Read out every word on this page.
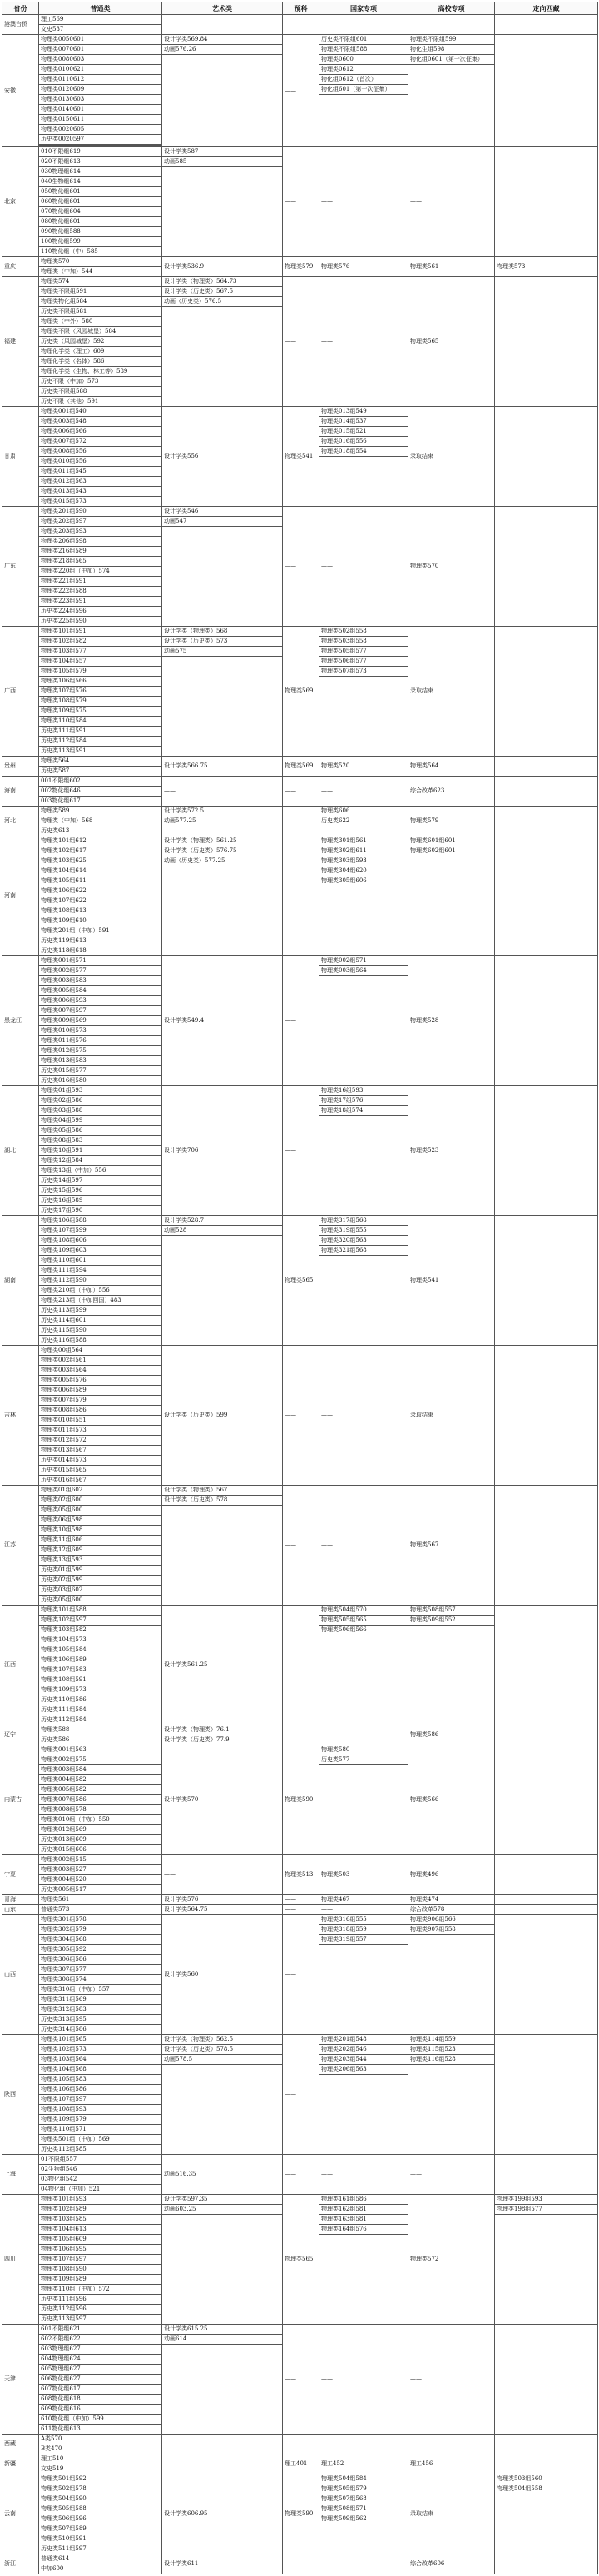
省份	普通类	艺术类	预科	国家专项	高校专项	定向西藏
港澳台侨	理工569					
	文史537					
安徽	物理类0050601	设计学类569.84	——	历史类不限组601	物理类不限组599	
	物理类0070601	动画576.26		物理类不限组588	物化生组598	
	物理类0080603			物理类0600	物化组0601（第一次征集）	
	物理类0100621			物理类0612		
	物理类0110612			物化组0612（首次）		
	物理类0120609			物化组601（第一次征集）		
	物理类0130603					
	物理类0140601					
	物理类0150611					
	物理类0020605					
	历史类0020597					

北京	010不限组619	设计学类587	——	——	——	
	020不限组613	动画585				
	030物理组614					
	040生物组614					
	050物化组601					
	060物化组601					
	070物化组604					
	080物化组601					
	090物化组588					
	100物化组599					
	110物化组（中）585					
重庆	物理类570	设计学类536.9	物理类579	物理类576	物理类561	物理类573
	物理类（中加）544					
福建	物理类574	设计学类（物理类）564.73	——	——	物理类565	
	物理类不限组591	设计学类（历史类）567.5				
	物理类物化组584	动画（历史类）576.5				
	历史类不限组581					
	物理类（中外）580					
	物理类不限（风园城堡）584					
	历史类（风园城堡）592					
	物理化学类（理工）609					
	物理化学类（名体）586					
	物理化学类（生物、林工等）589					
	历史不限（中加）573					
	历史类不限组588					
	历史不限（其他）591					
甘肃	物理类001组540	设计学类556	物理类541	物理类013组549	录取结束	
	物理类003组548			物理类014组537		
	物理类006组566			物理类015组521		
	物理类007组572			物理类016组556		
	物理类008组556			物理类018组554		
	物理类010组556					
	物理类011组545					
	物理类012组563					
	物理类013组543					
	物理类015组573					
广东	物理类201组590	设计学类546	——	——	物理类570	
	物理类202组597	动画547				
	物理类203组593					
	物理类206组598					
	物理类216组589					
	物理类218组565					
	物理类220组（中加）574					
	物理类221组591					
	物理类222组588					
	物理类223组591					
	历史类224组596					
	历史类225组590					
广西	物理类101组591	设计学类（物理类）568	物理类569	物理类502组558	录取结束	
	物理类102组582	设计学类（历史类）573		物理类503组558		
	物理类103组577	动画575		物理类505组577		
	物理类104组557			物理类506组577		
	物理类105组579			物理类507组573		
	物理类106组566					
	物理类107组576					
	物理类108组579					
	物理类109组575					
	物理类110组584					
	历史类111组591					
	历史类112组584					
	历史类113组591					
贵州	物理类564	设计学类566.75	物理类569	物理类520	物理类564	
	历史类587					
海南	001不限组602	——	——	——	综合改革623	
	002物化组646					
	003物化组617					
河北	物理类589	设计学类572.5	——	物理类606	物理类579	
	物理类（中加）568	动画577.25		历史类622		
	历史类613					
河南	物理类101组612	设计学类（物理类）561.25	——	物理类301组561	物理类601组601	
	物理类102组617	设计学类（历史类）576.75		物理类302组611	物理类602组601	
	物理类103组625	动画（历史类）577.25		物理类303组593		
	物理类104组614			物理类304组620		
	物理类105组611			物理类305组606		
	物理类106组622					
	物理类107组622					
	物理类108组613					
	物理类109组610					
	物理类201组（中加）591					
	历史类119组613					
	历史类118组618					
黑龙江	物理类001组571	设计学类549.4	——	物理类002组571	物理类528	
	物理类002组577			物理类003组564		
	物理类003组583					
	物理类005组584					
	物理类006组593					
	物理类007组597					
	物理类009组569					
	物理类010组573					
	物理类011组576					
	物理类012组575					
	物理类013组583					
	历史类015组577					
	历史类016组580					
湖北	物理类01组593	设计学类706	——	物理类16组593	物理类523	
	物理类02组586			物理类17组576		
	物理类03组588			物理类18组574		
	物理类04组599					
	物理类05组586					
	物理类08组583					
	物理类10组591					
	物理类12组584					
	物理类13组（中加）556					
	历史类14组597					
	历史类15组596					
	历史类16组589					
	历史类17组590					
湖南	物理类106组588	设计学类528.7	物理类565	物理类317组568	物理类541	
	物理类107组599	动画528		物理类319组555		
	物理类108组606			物理类320组563		
	物理类109组603			物理类321组568		
	物理类110组601					
	物理类111组594					
	物理类112组590					
	物理类210组（中加）556					
	物理类213组（中加回国）483					
	历史类113组599					
	历史类114组601					
	历史类115组590					
	历史类116组588					
吉林	物理类00组564	设计学类（历史类）599	——	——	录取结束	
	物理类002组561					
	物理类003组564					
	物理类005组576					
	物理类006组589					
	物理类007组579					
	物理类008组586					
	物理类010组551					
	物理类011组573					
	物理类012组572					
	物理类013组567					
	历史类014组573					
	历史类015组565					
	历史类016组567					
江苏	物理类01组602	设计学类（物理类）567	——	——	物理类567	
	物理类02组600	设计学类（历史类）578				
	物理类05组600					
	物理类06组598					
	物理类10组598					
	物理类11组606					
	物理类12组609					
	物理类13组593					
	历史类01组599					
	历史类02组599					
	历史类03组602					
	历史类05组600					
江西	物理类101组588	设计学类561.25	——	物理类504组570	物理类508组557	
	物理类102组597			物理类505组565	物理类509组552	
	物理类103组582			物理类506组566		
	物理类104组573					
	物理类105组584					
	物理类106组589					
	物理类107组583					
	物理类108组591					
	物理类109组573					
	历史类110组586					
	历史类111组584					
	历史类112组584					
辽宁	物理类588	设计学类（物理类）76.1	——	——	物理类586	
	历史类586	设计学类（历史类）77.9				
内蒙古	物理类001组563	设计学类570	物理类590	物理类580	物理类566	
	物理类002组575			历史类577		
	物理类003组584					
	物理类004组582					
	物理类005组582					
	物理类007组586					
	物理类008组578					
	物理类010组（中加）550					
	物理类012组569					
	历史类013组609					
	历史类015组606					
宁夏	物理类002组515	——	物理类513	物理类503	物理类496	
	物理类003组527					
	物理类004组520					
	历史类005组517					
青海	物理类561	设计学类576	——	物理类467	物理类474	
山东	普通类573	设计学类564.75	——	——	综合改革578	
山西	物理类301组578	设计学类560	——	物理类316组555	物理类906组566	
	物理类302组579			物理类318组559	物理类907组558	
	物理类304组568			物理类319组557		
	物理类305组592					
	物理类306组586					
	物理类307组577					
	物理类308组574					
	物理类310组（中加）557					
	物理类311组569					
	物理类312组583					
	历史类313组595					
	历史类314组586					
陕西	物理类101组565	设计学类（物理类）562.5	——	物理类201组548	物理类114组559	
	物理类102组573	设计学类（历史类）578.5		物理类202组546	物理类115组523	
	物理类103组564	动画578.5		物理类203组544	物理类116组528	
	物理类104组568			物理类206组563		
	物理类105组583					
	物理类106组586					
	物理类107组597					
	物理类108组593					
	物理类109组579					
	物理类110组571					
	物理类501组（中加）569					
	历史类112组585					
上海	01不限组557	动画516.35	——	——	——	
	02生物组546					
	03物化组542					
	04物化组（中加）521					
四川	物理类101组593	设计学类597.35	物理类565	物理类161组586	物理类572	物理类199组593
	物理类102组589	动画603.25		物理类162组581		物理类198组577
	物理类103组585			物理类163组581		
	物理类104组613			物理类164组576		
	物理类105组609					
	物理类106组595					
	物理类107组597					
	物理类108组590					
	物理类109组589					
	物理类110组（中加）572					
	历史类111组596					
	历史类112组596					
	历史类113组597					
天津	601不限组621	设计学类615.25	——	——	——	
	602不限组622	动画614				
	603物理组627					
	604物理组624					
	605物理组627					
	606物化组627					
	607物化组617					
	608物化组618					
	609物化组616					
	610物化组（中加）599					
	611物化组613					
西藏	A类570					
	B类470					
新疆	理工510	——	理工401	理工452	理工456	
	文史519					
云南	物理类501组592	设计学类606.95	物理类590	物理类504组584	录取结束	物理类503组560
	物理类502组578			物理类505组579		物理类504组558
	物理类504组590			物理类507组568		
	物理类505组588			物理类508组571		
	物理类506组596			物理类509组562		
	物理类507组589					
	物理类510组591					
	历史类511组597					
浙江	普通类614	设计学类611	——	——	综合改革606	
	中加600					
